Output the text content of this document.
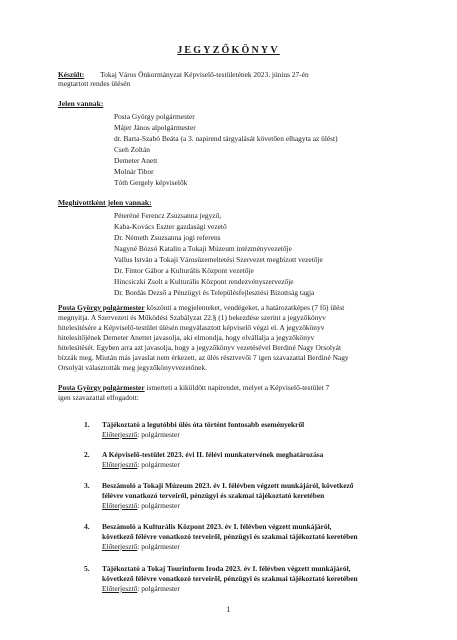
JEGYZŐKÖNYV
Készült: Tokaj Város Önkormányzat Képviselő-testületének 2023. június 27-én
megtartott rendes ülésén
Jelen vannak:
Posta György polgármester
Májer János alpolgármester
dr. Barta-Szabó Beáta (a 3. napirend tárgyalását követően elhagyta az ülést)
Cseh Zoltán
Demeter Anett
Molnár Tibor
Tóth Gergely képviselők
Meghívottként jelen vannak:
Péteréné Ferencz Zsuzsanna jegyző,
Kaba-Kovács Eszter gazdasági vezető
Dr. Németh Zsuzsanna jogi referens
Nagyné Bózsó Katalin a Tokaji Múzeum intézményvezetője
Vallus István a Tokaji Városüzemeltetési Szervezet megbízott vezetője
Dr. Fintor Gábor a Kulturális Központ vezetője
Hincsiczki Zsolt a Kulturális Központ rendezvényszervezője
Dr. Bordás Dezső a Pénzügyi és Településfejlesztési Bizottság tagja
Posta György polgármester köszönti a megjelenteket, vendégeket, a határozatképes (7 fő) ülést
megnyitja. A Szervezeti és Működési Szabályzat 22.§ (1) bekezdése szerint a jegyzőkönyv
hitelesítésére a Képviselő-testület ülésén megválasztott képviselő végzi el. A jegyzőkönyv
hitelesítőjének Demeter Anettet javasolja, aki elmondja, hogy elvállalja a jegyzőkönyv
hitelesítését. Egyben arra azt javasolja, hogy a jegyzőkönyv vezetésével Berdiné Nagy Orsolyát
bízzák meg. Miután más javaslat nem érkezett, az ülés résztvevői 7 igen szavazattal Berdiné Nagy
Orsolyát választották meg jegyzőkönyvvezetőnek.
Posta György polgármester ismerteti a kiküldött napirendet, melyet a Képviselő-testület 7
igen szavazattal elfogadott:
1. Tájékoztató a legutóbbi ülés óta történt fontosabb eseményekről
Előterjesztő: polgármester
2. A Képviselő-testület 2023. évi II. félévi munkatervének meghatározása
Előterjesztő: polgármester
3. Beszámoló a Tokaji Múzeum 2023. év I. félévben végzett munkájáról, következő
félévre vonatkozó terveiről, pénzügyi és szakmai tájékoztató keretében
Előterjesztő: polgármester
4. Beszámoló a Kulturális Központ 2023. év I. félévben végzett munkájáról,
következő félévre vonatkozó terveiről, pénzügyi és szakmai tájékoztató keretében
Előterjesztő: polgármester
5. Tájékoztató a Tokaj Tourinform Iroda 2023. év I. félévben végzett munkájáról,
következő félévre vonatkozó terveiről, pénzügyi és szakmai tájékoztató keretében
Előterjesztő: polgármester
1
